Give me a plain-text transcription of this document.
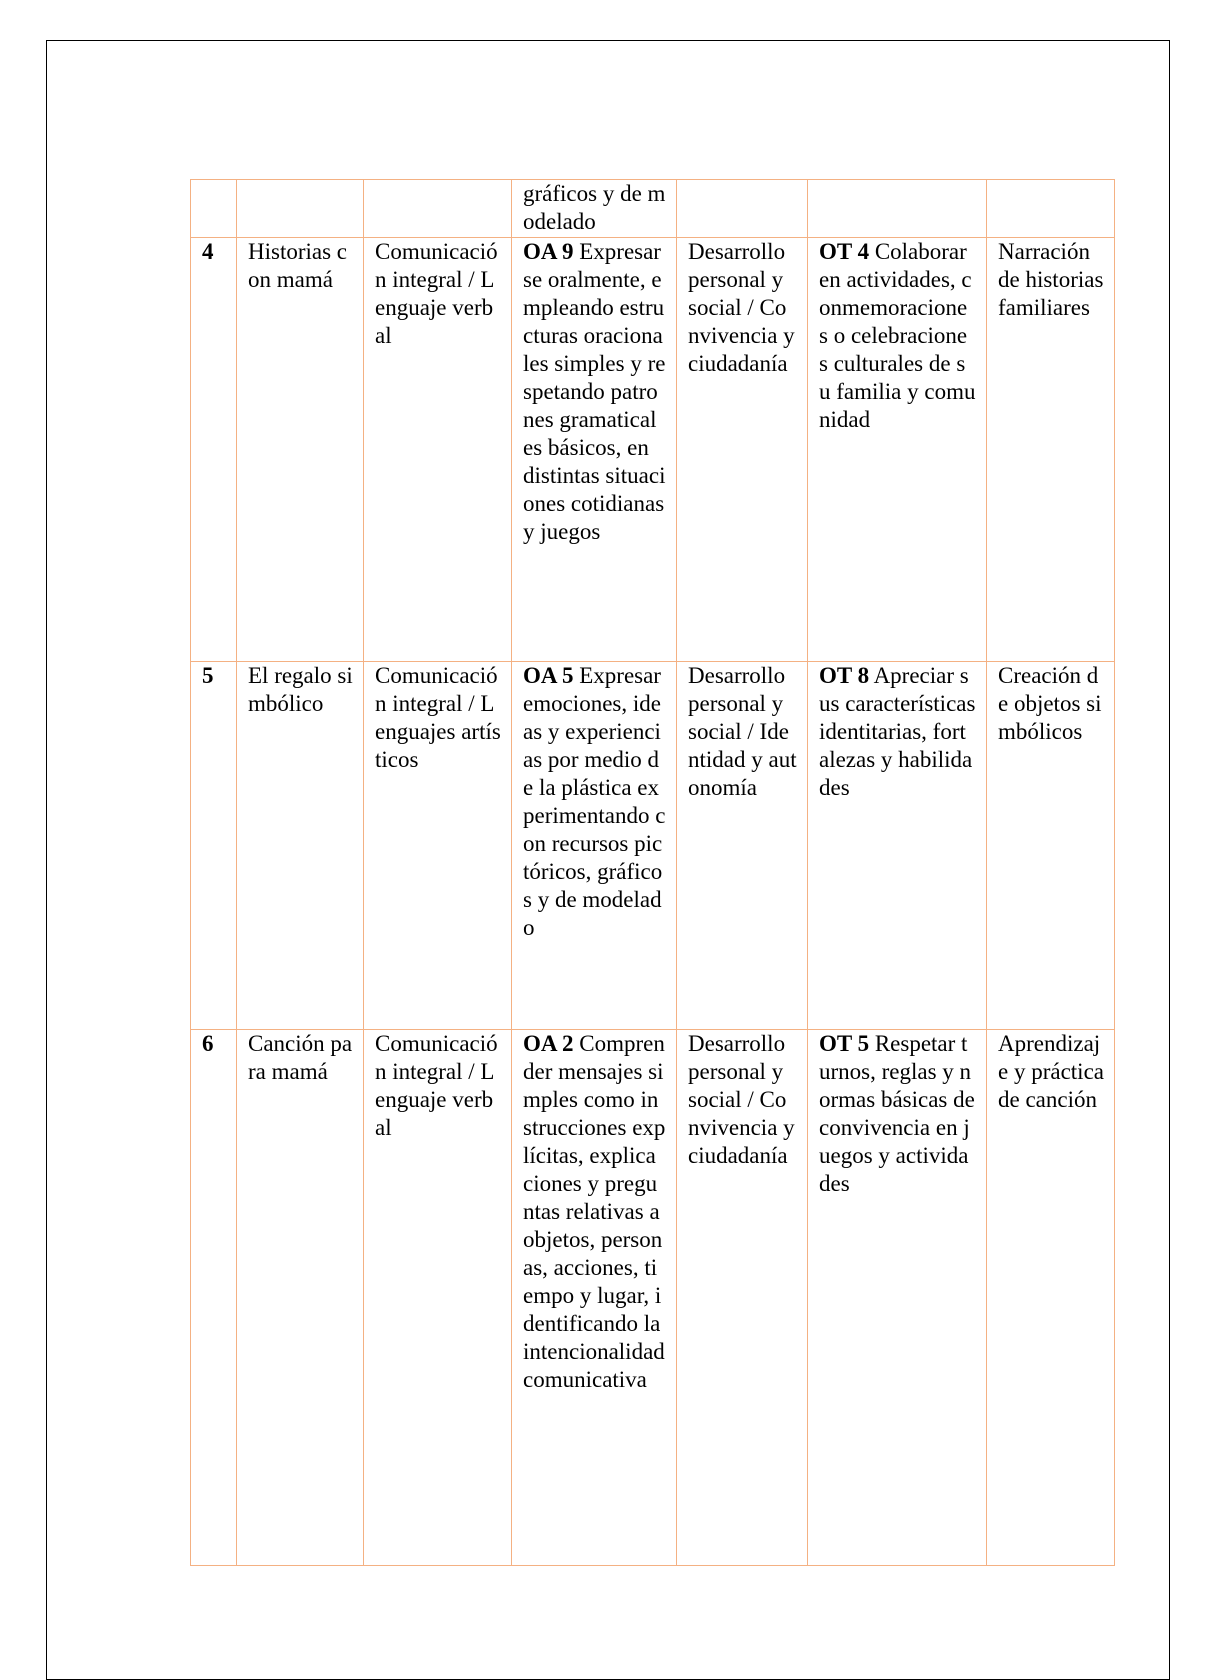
			gráficos y de modelado			
4	Historias con mamá	Comunicación integral / Lenguaje verbal	OA 9 Expresarse oralmente, empleando estructuras oracionales simples y respetando patrones gramaticales básicos, en distintas situaciones cotidianas y juegos	Desarrollo personal y social / Convivencia y ciudadanía	OT 4 Colaborar en actividades, conmemoraciones o celebraciones culturales de su familia y comunidad	Narración de historias familiares
5	El regalo simbólico	Comunicación integral / Lenguajes artísticos	OA 5 Expresar emociones, ideas y experiencias por medio de la plástica experimentando con recursos pictóricos, gráficos y de modelado	Desarrollo personal y social / Identidad y autonomía	OT 8 Apreciar sus características identitarias, fortalezas y habilidades	Creación de objetos simbólicos
6	Canción para mamá	Comunicación integral / Lenguaje verbal	OA 2 Comprender mensajes simples como instrucciones explícitas, explicaciones y preguntas relativas a objetos, personas, acciones, tiempo y lugar, identificando la intencionalidad comunicativa	Desarrollo personal y social / Convivencia y ciudadanía	OT 5 Respetar turnos, reglas y normas básicas de convivencia en juegos y actividades	Aprendizaje y práctica de canción
